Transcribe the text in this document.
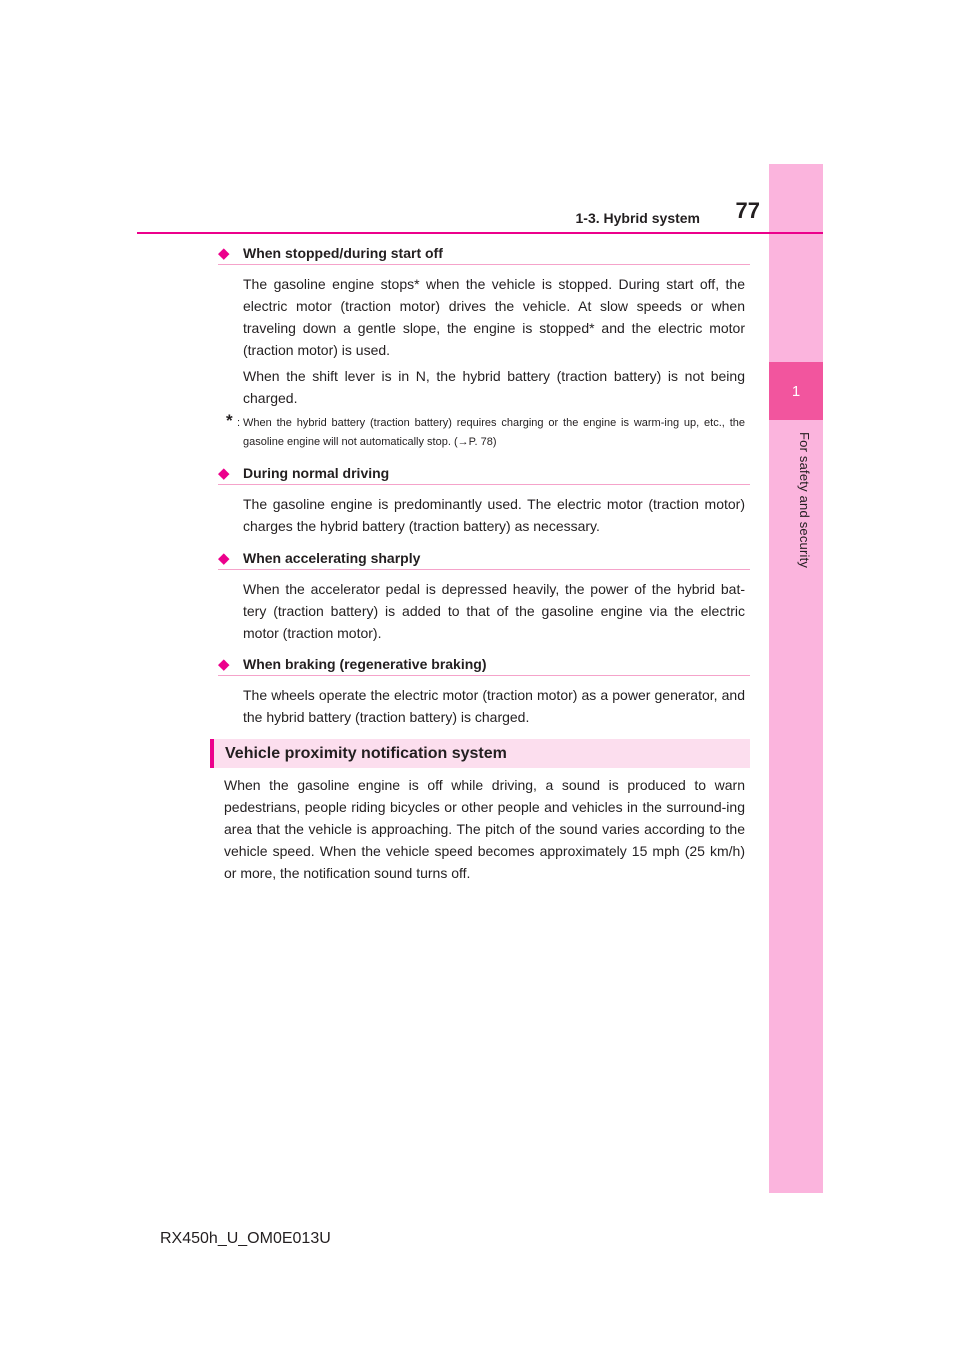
1
For safety and security
1-3. Hybrid system	77
◆ When stopped/during start off

The gasoline engine stops* when the vehicle is stopped. During start off, the electric motor (traction motor) drives the vehicle. At slow speeds or when traveling down a gentle slope, the engine is stopped* and the electric motor (traction motor) is used.

When the shift lever is in N, the hybrid battery (traction battery) is not being charged.

* : When the hybrid battery (traction battery) requires charging or the engine is warm-ing up, etc., the gasoline engine will not automatically stop. (→P. 78)

◆ During normal driving

The gasoline engine is predominantly used. The electric motor (traction motor) charges the hybrid battery (traction battery) as necessary.

◆ When accelerating sharply

When the accelerator pedal is depressed heavily, the power of the hybrid bat-tery (traction battery) is added to that of the gasoline engine via the electric motor (traction motor).

◆ When braking (regenerative braking)

The wheels operate the electric motor (traction motor) as a power generator, and the hybrid battery (traction battery) is charged.

Vehicle proximity notification system

When the gasoline engine is off while driving, a sound is produced to warn pedestrians, people riding bicycles or other people and vehicles in the surround-ing area that the vehicle is approaching. The pitch of the sound varies according to the vehicle speed. When the vehicle speed becomes approximately 15 mph (25 km/h) or more, the notification sound turns off.

RX450h_U_OM0E013U
